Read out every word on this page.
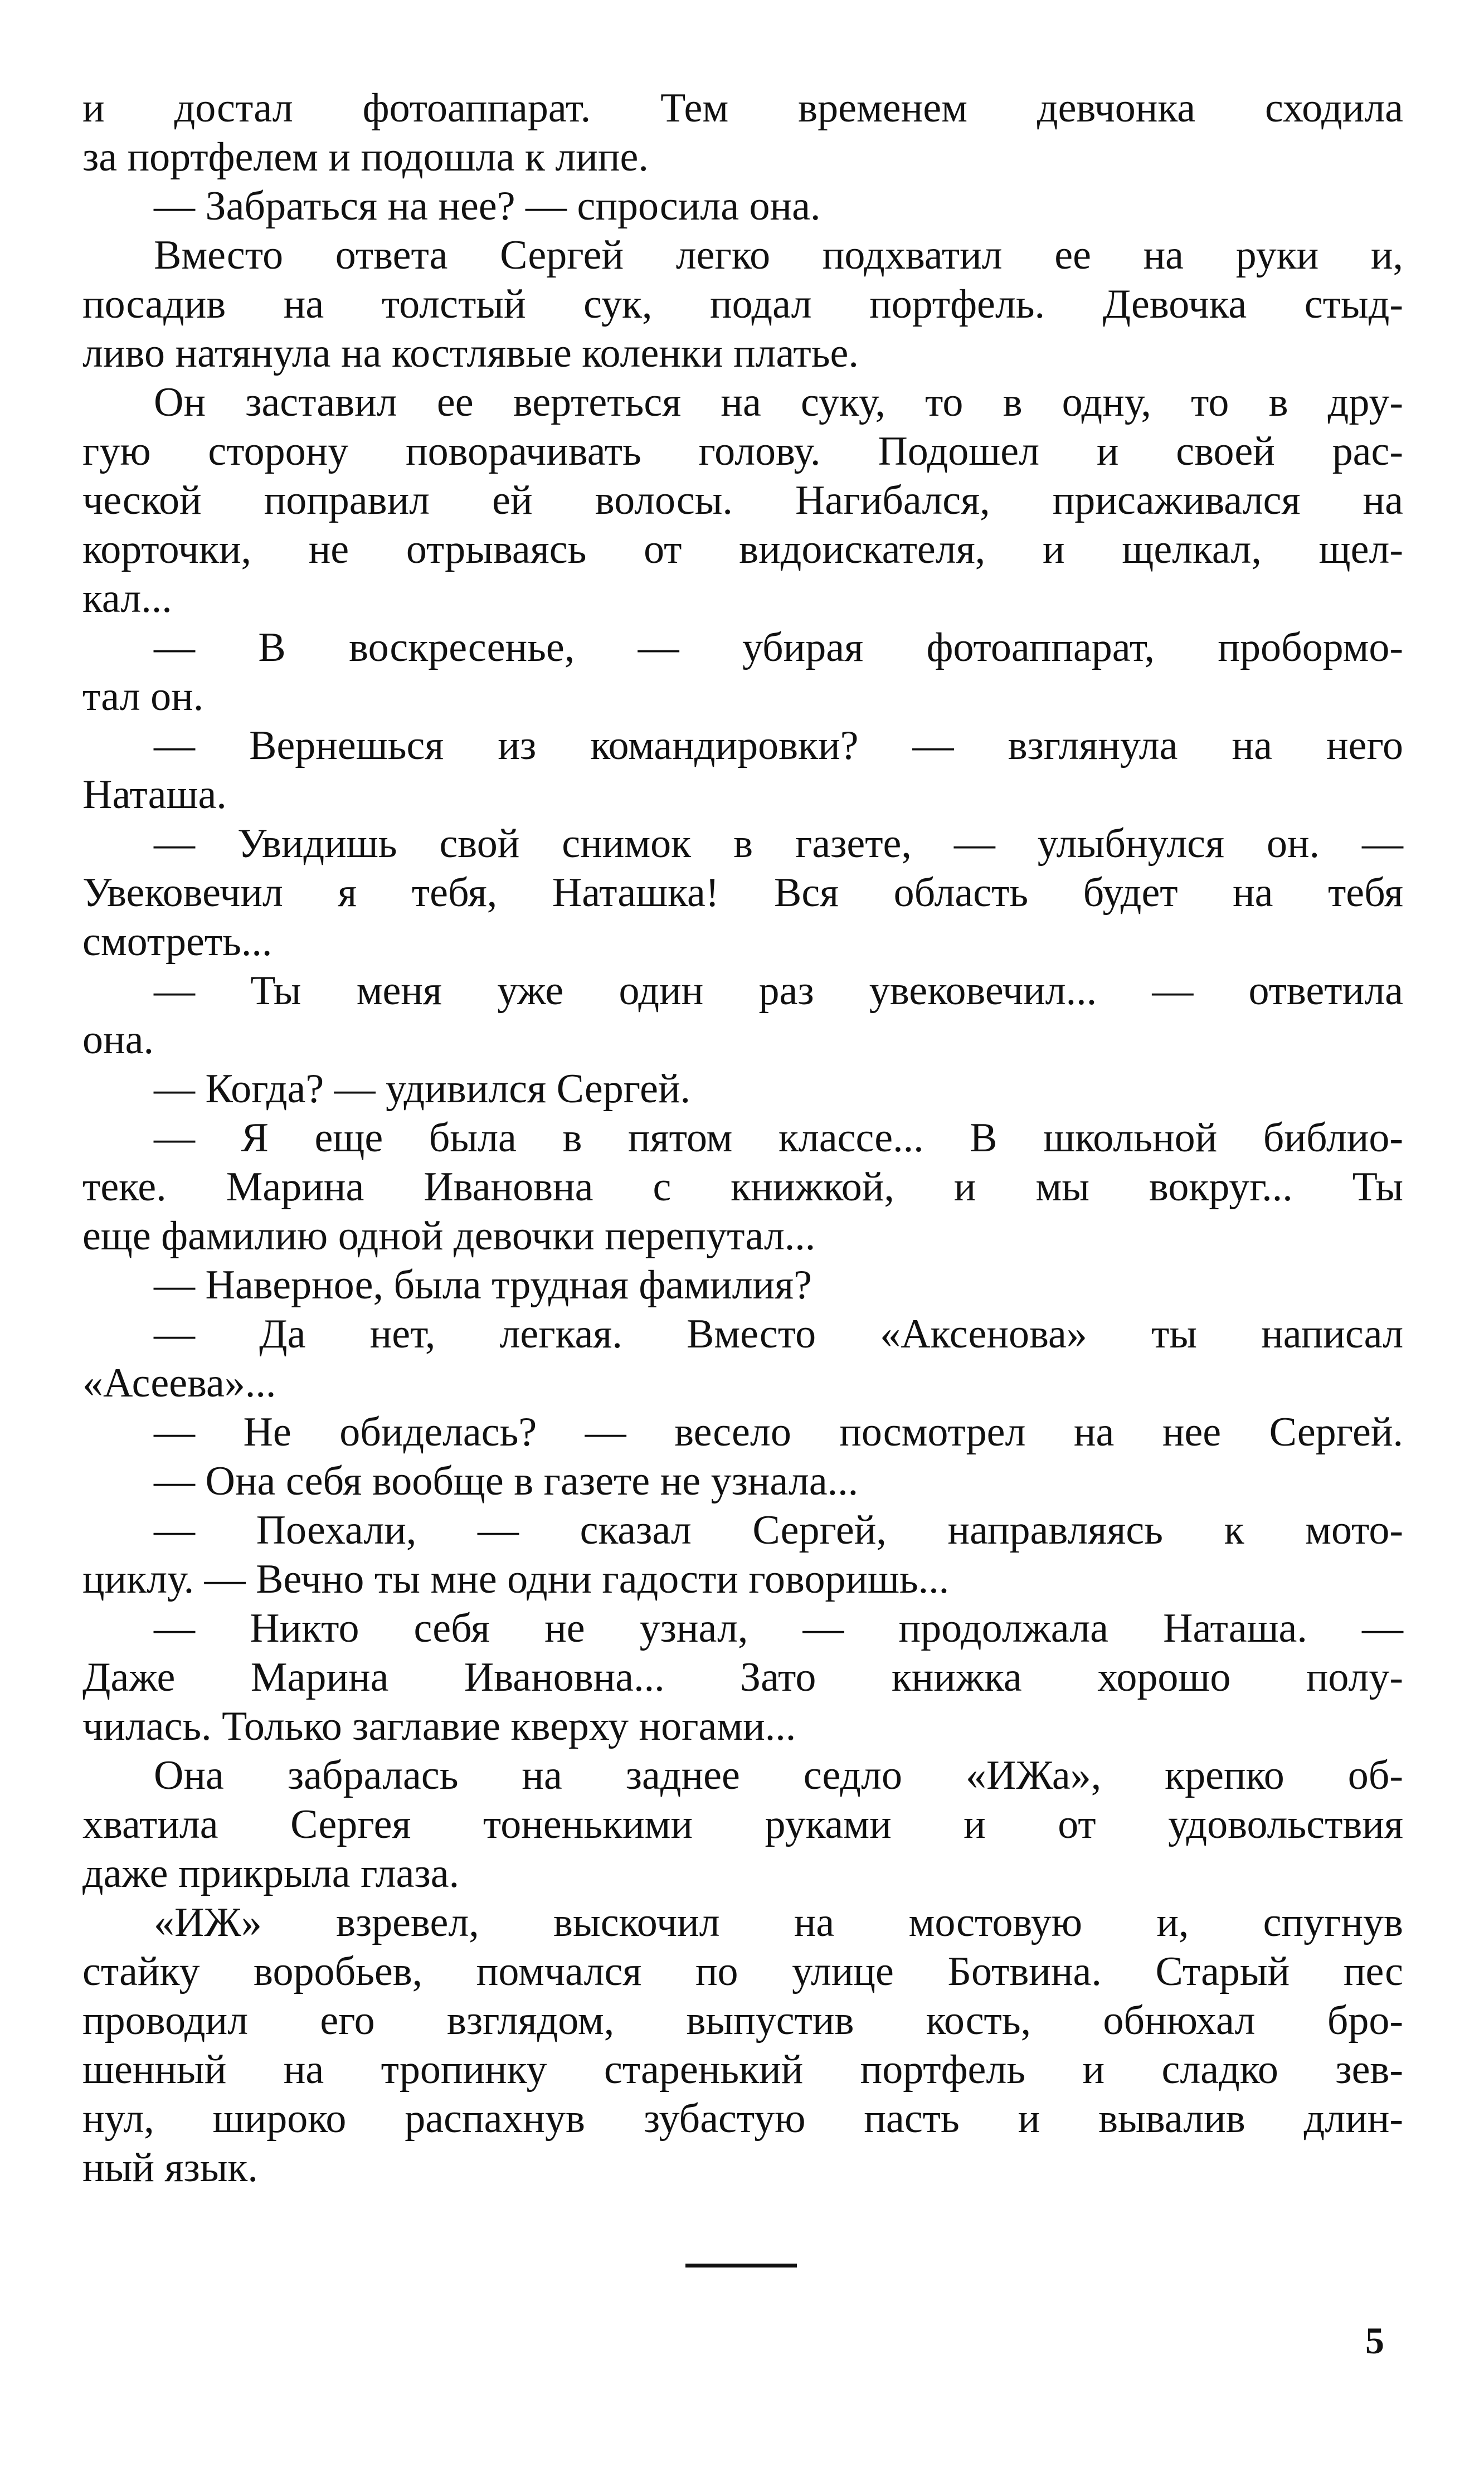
и достал фотоаппарат. Тем временем девчонка сходила
за портфелем и подошла к липе.
— Забраться на нее? — спросила она.
Вместо ответа Сергей легко подхватил ее на руки и,
посадив на толстый сук, подал портфель. Девочка стыд-
ливо натянула на костлявые коленки платье.
Он заставил ее вертеться на суку, то в одну, то в дру-
гую сторону поворачивать голову. Подошел и своей рас-
ческой поправил ей волосы. Нагибался, присаживался на
корточки, не отрываясь от видоискателя, и щелкал, щел-
кал...
— В воскресенье, — убирая фотоаппарат, пробормо-
тал он.
— Вернешься из командировки? — взглянула на него
Наташа.
— Увидишь свой снимок в газете, — улыбнулся он. —
Увековечил я тебя, Наташка! Вся область будет на тебя
смотреть...
— Ты меня уже один раз увековечил... — ответила
она.
— Когда? — удивился Сергей.
— Я еще была в пятом классе... В школьной библио-
теке. Марина Ивановна с книжкой, и мы вокруг... Ты
еще фамилию одной девочки перепутал...
— Наверное, была трудная фамилия?
— Да нет, легкая. Вместо «Аксенова» ты написал
«Асеева»...
— Не обиделась? — весело посмотрел на нее Сергей.
— Она себя вообще в газете не узнала...
— Поехали, — сказал Сергей, направляясь к мото-
циклу. — Вечно ты мне одни гадости говоришь...
— Никто себя не узнал, — продолжала Наташа. —
Даже Марина Ивановна... Зато книжка хорошо полу-
чилась. Только заглавие кверху ногами...
Она забралась на заднее седло «ИЖа», крепко об-
хватила Сергея тоненькими руками и от удовольствия
даже прикрыла глаза.
«ИЖ» взревел, выскочил на мостовую и, спугнув
стайку воробьев, помчался по улице Ботвина. Старый пес
проводил его взглядом, выпустив кость, обнюхал бро-
шенный на тропинку старенький портфель и сладко зев-
нул, широко распахнув зубастую пасть и вывалив длин-
ный язык.
5
